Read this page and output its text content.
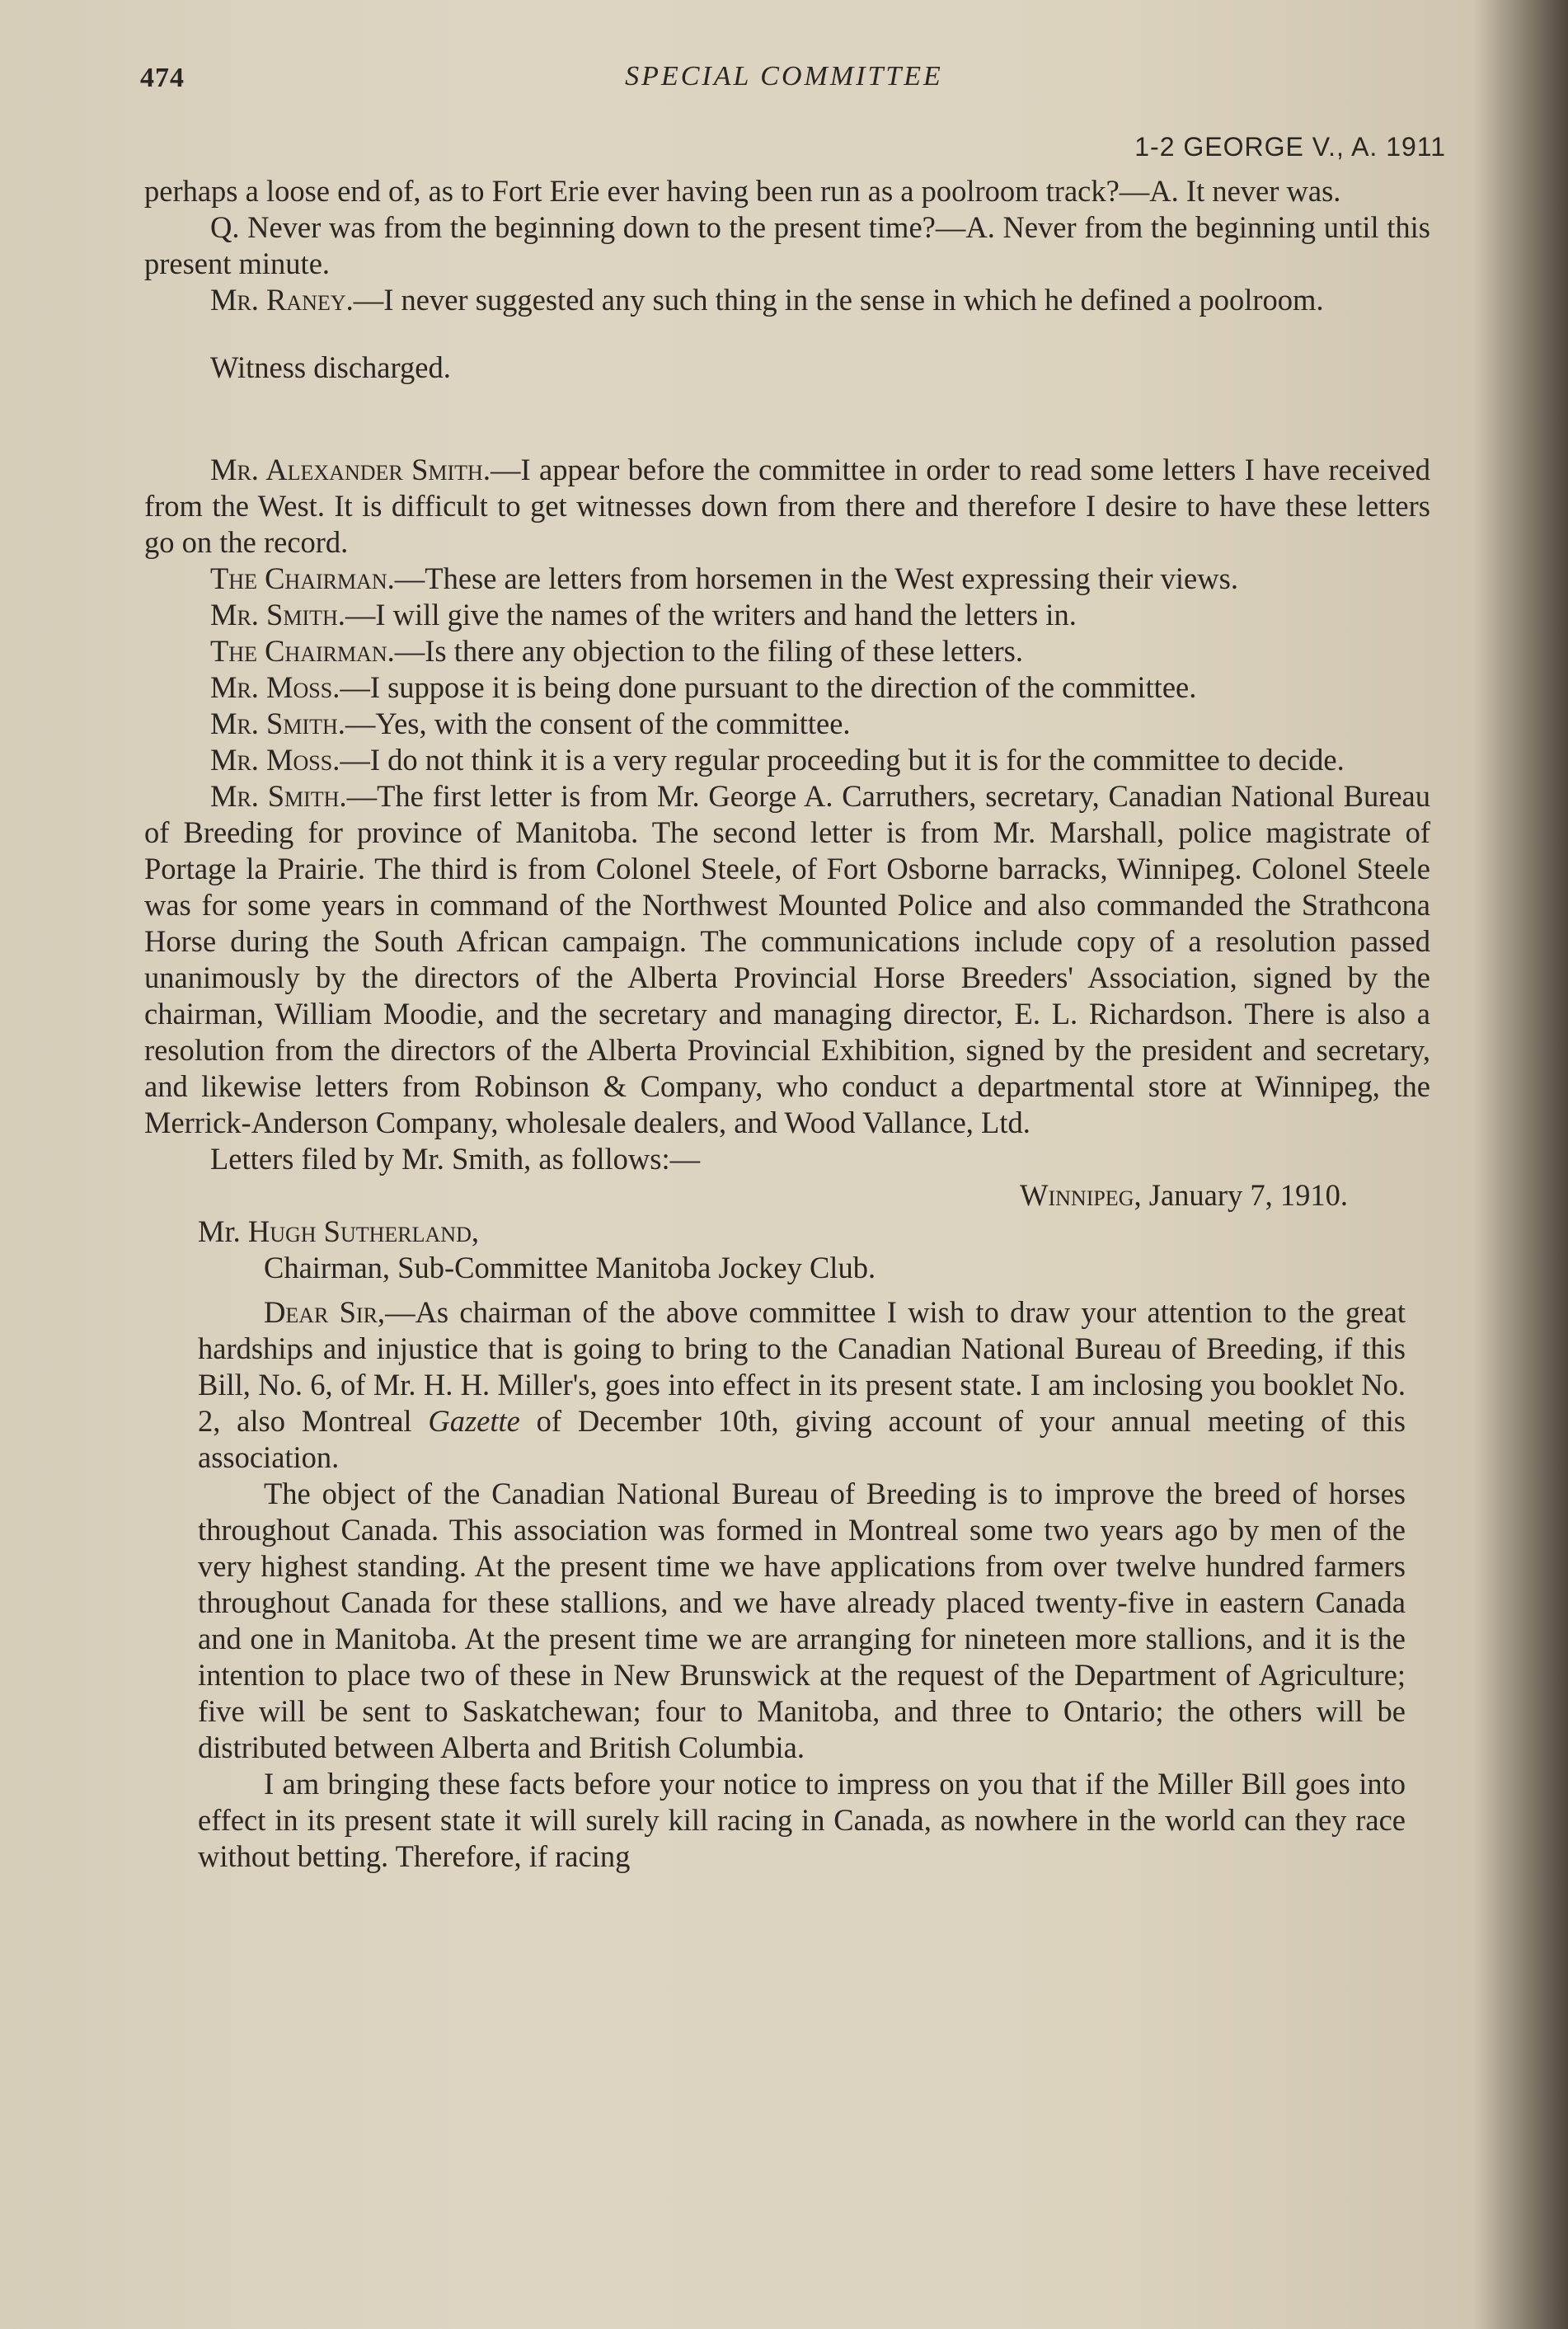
474	SPECIAL COMMITTEE
1-2 GEORGE V., A. 1911

perhaps a loose end of, as to Fort Erie ever having been run as a poolroom track?—A. It never was.

Q. Never was from the beginning down to the present time?—A. Never from the beginning until this present minute.

Mr. Raney.—I never suggested any such thing in the sense in which he defined a poolroom.

Witness discharged.

Mr. Alexander Smith.—I appear before the committee in order to read some letters I have received from the West. It is difficult to get witnesses down from there and therefore I desire to have these letters go on the record.

The Chairman.—These are letters from horsemen in the West expressing their views.

Mr. Smith.—I will give the names of the writers and hand the letters in.

The Chairman.—Is there any objection to the filing of these letters.

Mr. Moss.—I suppose it is being done pursuant to the direction of the committee.

Mr. Smith.—Yes, with the consent of the committee.

Mr. Moss.—I do not think it is a very regular proceeding but it is for the committee to decide.

Mr. Smith.—The first letter is from Mr. George A. Carruthers, secretary, Canadian National Bureau of Breeding for province of Manitoba. The second letter is from Mr. Marshall, police magistrate of Portage la Prairie. The third is from Colonel Steele, of Fort Osborne barracks, Winnipeg. Colonel Steele was for some years in command of the Northwest Mounted Police and also commanded the Strathcona Horse during the South African campaign. The communications include copy of a resolution passed unanimously by the directors of the Alberta Provincial Horse Breeders' Association, signed by the chairman, William Moodie, and the secretary and managing director, E. L. Richardson. There is also a resolution from the directors of the Alberta Provincial Exhibition, signed by the president and secretary, and likewise letters from Robinson & Company, who conduct a departmental store at Winnipeg, the Merrick-Anderson Company, wholesale dealers, and Wood Vallance, Ltd.

Letters filed by Mr. Smith, as follows:—

Winnipeg, January 7, 1910.

Mr. Hugh Sutherland,

Chairman, Sub-Committee Manitoba Jockey Club.

Dear Sir,—As chairman of the above committee I wish to draw your attention to the great hardships and injustice that is going to bring to the Canadian National Bureau of Breeding, if this Bill, No. 6, of Mr. H. H. Miller's, goes into effect in its present state. I am inclosing you booklet No. 2, also Montreal Gazette of December 10th, giving account of your annual meeting of this association.

The object of the Canadian National Bureau of Breeding is to improve the breed of horses throughout Canada. This association was formed in Montreal some two years ago by men of the very highest standing. At the present time we have applications from over twelve hundred farmers throughout Canada for these stallions, and we have already placed twenty-five in eastern Canada and one in Manitoba. At the present time we are arranging for nineteen more stallions, and it is the intention to place two of these in New Brunswick at the request of the Department of Agriculture; five will be sent to Saskatchewan; four to Manitoba, and three to Ontario; the others will be distributed between Alberta and British Columbia.

I am bringing these facts before your notice to impress on you that if the Miller Bill goes into effect in its present state it will surely kill racing in Canada, as nowhere in the world can they race without betting. Therefore, if racing
